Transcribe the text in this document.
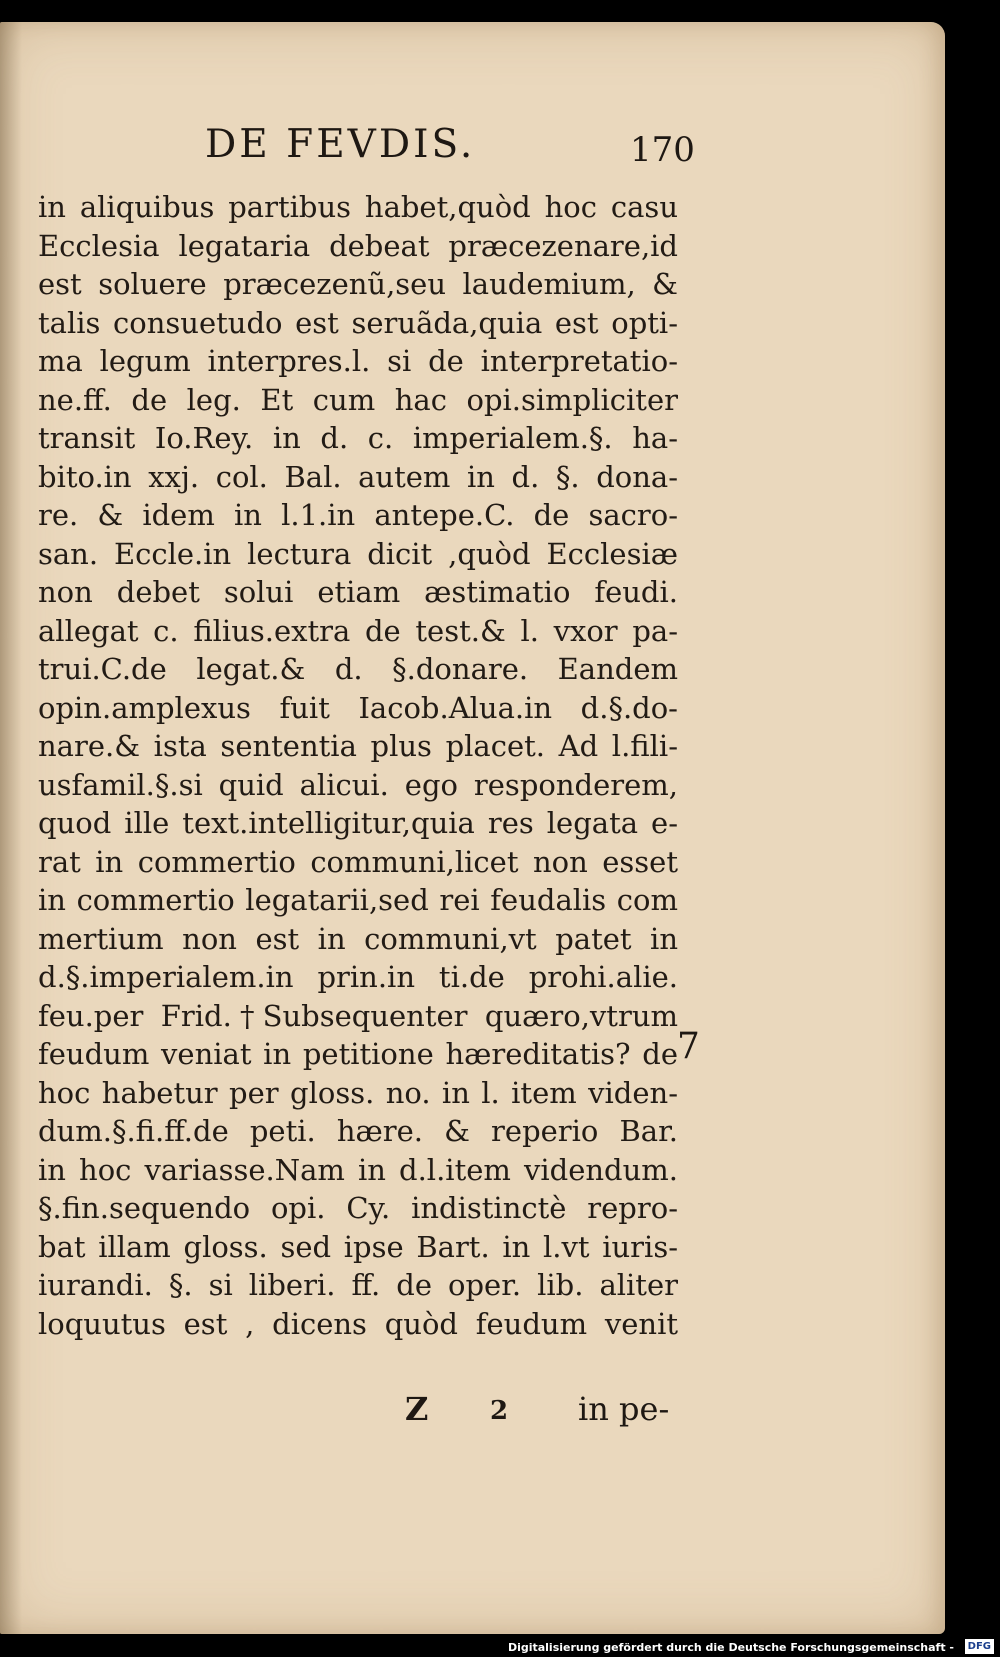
DE FEVDIS.	170
in aliquibus partibus habet,quòd hoc casu
Ecclesia legataria debeat præcezenare,id
est soluere præcezenũ,seu laudemium, &
talis consuetudo est seruãda,quia est opti-
ma legum interpres.l. si de interpretatio-
ne.ff. de leg. Et cum hac opi.simpliciter
transit Io.Rey. in d. c. imperialem.§. ha-
bito.in xxj. col. Bal. autem in d. §. dona-
re. & idem in l.1.in antepe.C. de sacro-
san. Eccle.in lectura dicit ,quòd Ecclesiæ
non debet solui etiam æstimatio feudi.
allegat c. filius.extra de test.& l. vxor pa-
trui.C.de legat.& d. §.donare. Eandem
opin.amplexus fuit Iacob.Alua.in d.§.do-
nare.& ista sententia plus placet. Ad l.fili-
usfamil.§.si quid alicui. ego responderem,
quod ille text.intelligitur,quia res legata e-
rat in commertio communi,licet non esset
in commertio legatarii,sed rei feudalis com
mertium non est in communi,vt patet in
d.§.imperialem.in prin.in ti.de prohi.alie.
feu.per Frid.†Subsequenter quæro,vtrum
feudum veniat in petitione hæreditatis? de
hoc habetur per gloss. no. in l. item viden-
dum.§.fi.ff.de peti. hære. & reperio Bar.
in hoc variasse.Nam in d.l.item videndum.
§.fin.sequendo opi. Cy. indistinctè repro-
bat illam gloss. sed ipse Bart. in l.vt iuris-
iurandi. §. si liberi. ff. de oper. lib. aliter
loquutus est , dicens quòd feudum venit
7
Z 2 in pe-
Digitalisierung gefördert durch die Deutsche Forschungsgemeinschaft -	DFG
